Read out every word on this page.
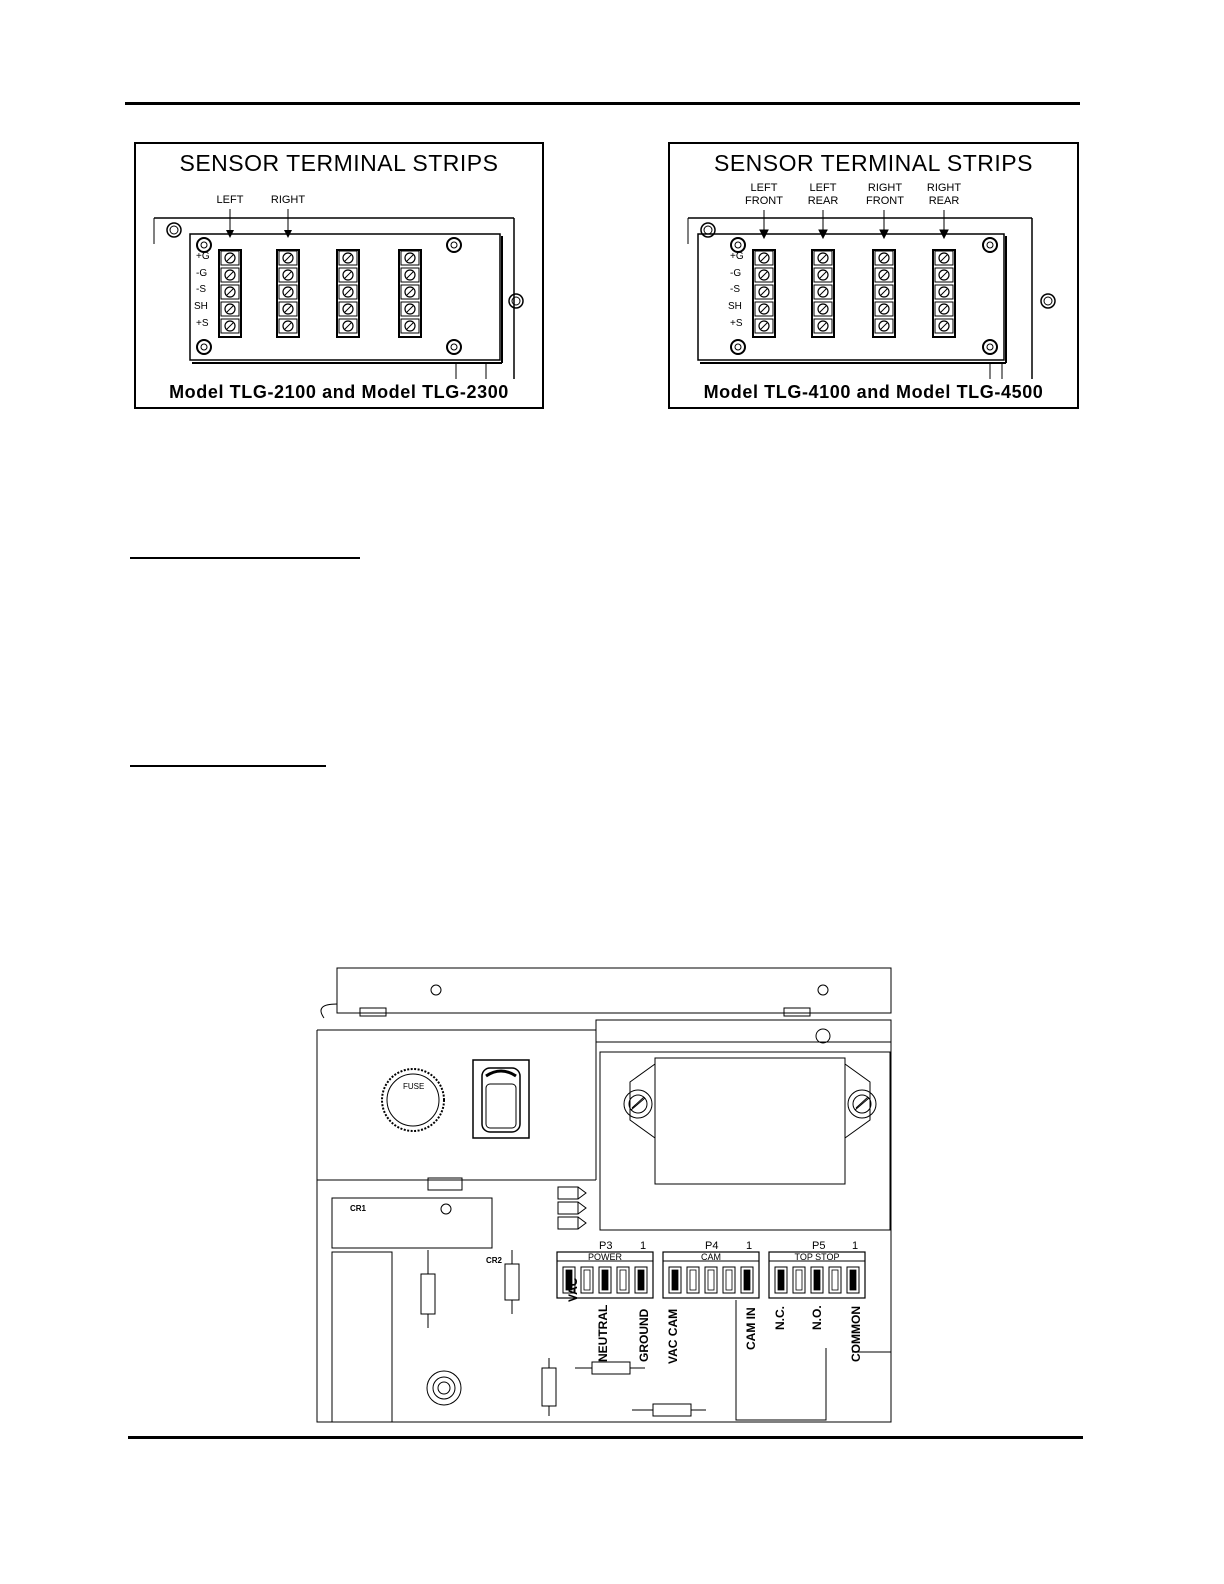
SENSOR TERMINAL STRIPS
LEFT	RIGHT
+G
-G
-S
SH
+S
Model TLG-2100 and Model TLG-2300
SENSOR TERMINAL STRIPS
LEFT
FRONT
LEFT
REAR
RIGHT
FRONT
RIGHT
REAR
+G
-G
-S
SH
+S
Model TLG-4100 and Model TLG-4500
FUSE
CR1
CR2
P3	1
POWER
P4	1
CAM
P5 1
TOP STOP
VAC
NEUTRAL GROUND VAC CAM	CAM IN N.C. N.O. COMMON
